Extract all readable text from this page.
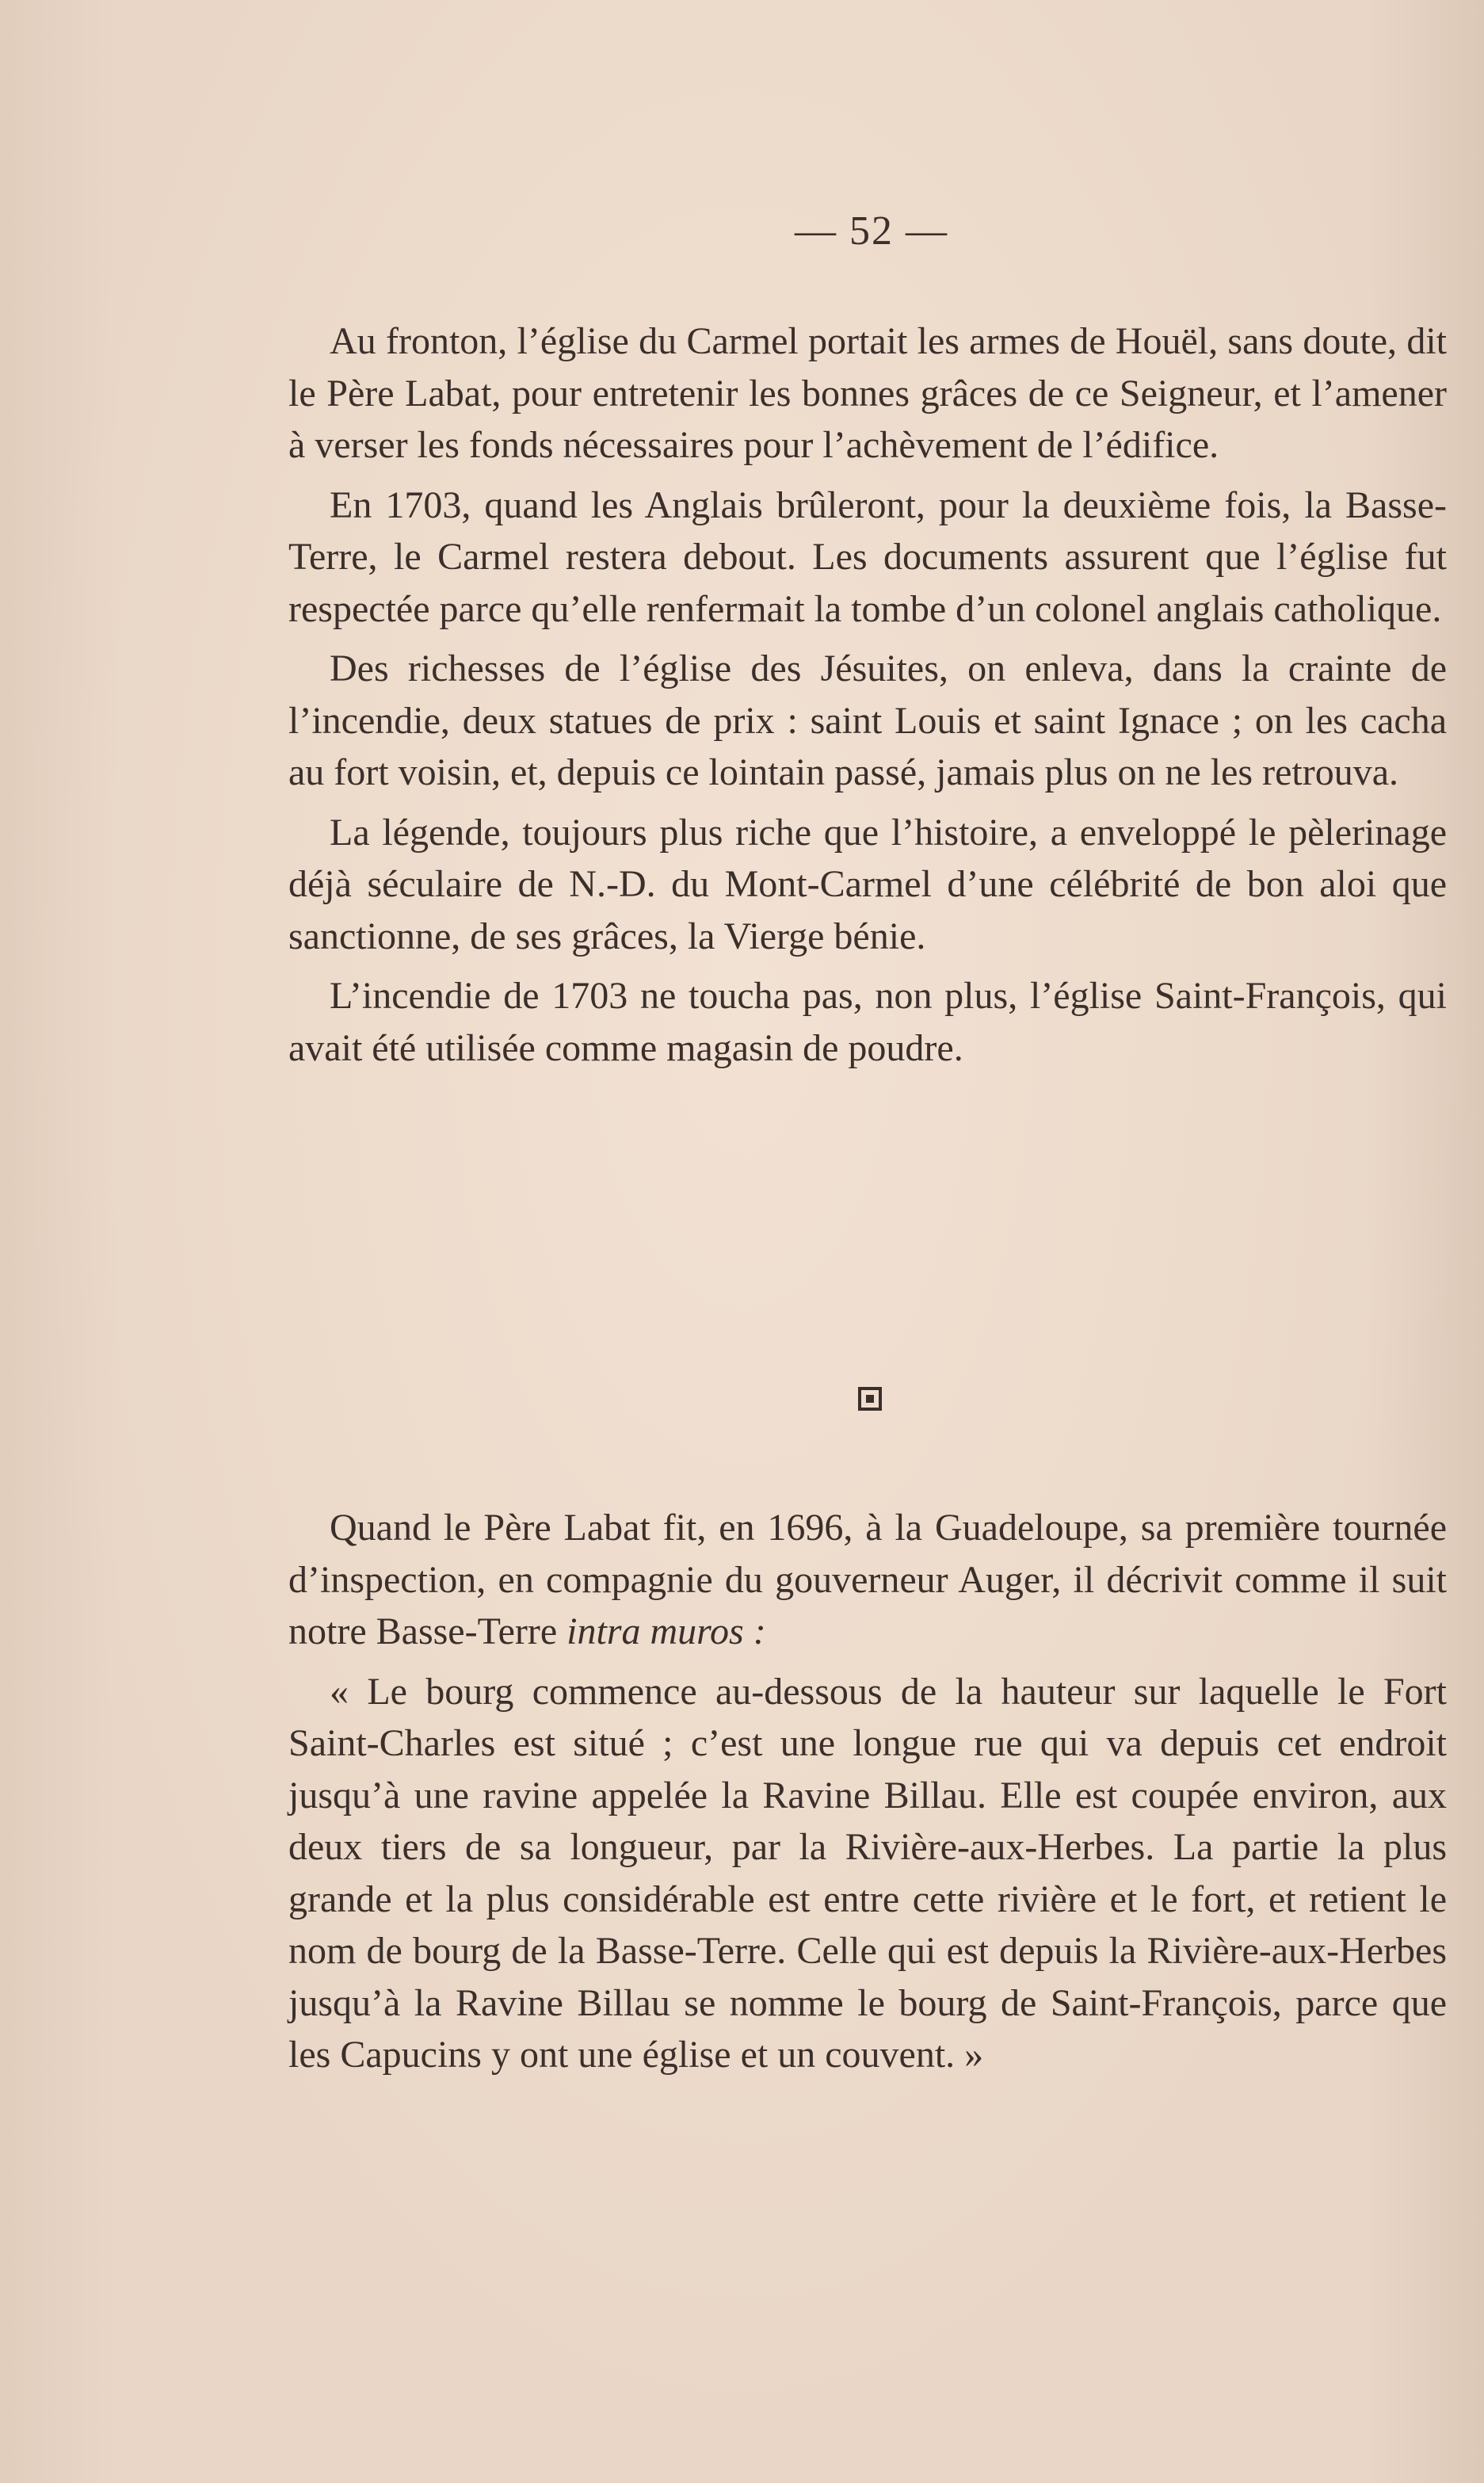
— 52 —

Au fronton, l’église du Carmel portait les armes de Houël, sans doute, dit le Père Labat, pour entretenir les bonnes grâces de ce Seigneur, et l’amener à verser les fonds nécessaires pour l’achèvement de l’édifice.

En 1703, quand les Anglais brûleront, pour la deuxième fois, la Basse-Terre, le Carmel restera debout. Les documents assurent que l’église fut respectée parce qu’elle renfermait la tombe d’un colonel anglais catholique.

Des richesses de l’église des Jésuites, on enleva, dans la crainte de l’incendie, deux statues de prix : saint Louis et saint Ignace ; on les cacha au fort voisin, et, depuis ce lointain passé, jamais plus on ne les retrouva.

La légende, toujours plus riche que l’histoire, a enveloppé le pèlerinage déjà séculaire de N.-D. du Mont-Carmel d’une célébrité de bon aloi que sanctionne, de ses grâces, la Vierge bénie.

L’incendie de 1703 ne toucha pas, non plus, l’église Saint-François, qui avait été utilisée comme magasin de poudre.

Quand le Père Labat fit, en 1696, à la Guadeloupe, sa première tournée d’inspection, en compagnie du gouverneur Auger, il décrivit comme il suit notre Basse-Terre intra muros :

« Le bourg commence au-dessous de la hauteur sur laquelle le Fort Saint-Charles est situé ; c’est une longue rue qui va depuis cet endroit jusqu’à une ravine appelée la Ravine Billau. Elle est coupée environ, aux deux tiers de sa longueur, par la Rivière-aux-Herbes. La partie la plus grande et la plus considérable est entre cette rivière et le fort, et retient le nom de bourg de la Basse-Terre. Celle qui est depuis la Rivière-aux-Herbes jusqu’à la Ravine Billau se nomme le bourg de Saint-François, parce que les Capucins y ont une église et un couvent. »
